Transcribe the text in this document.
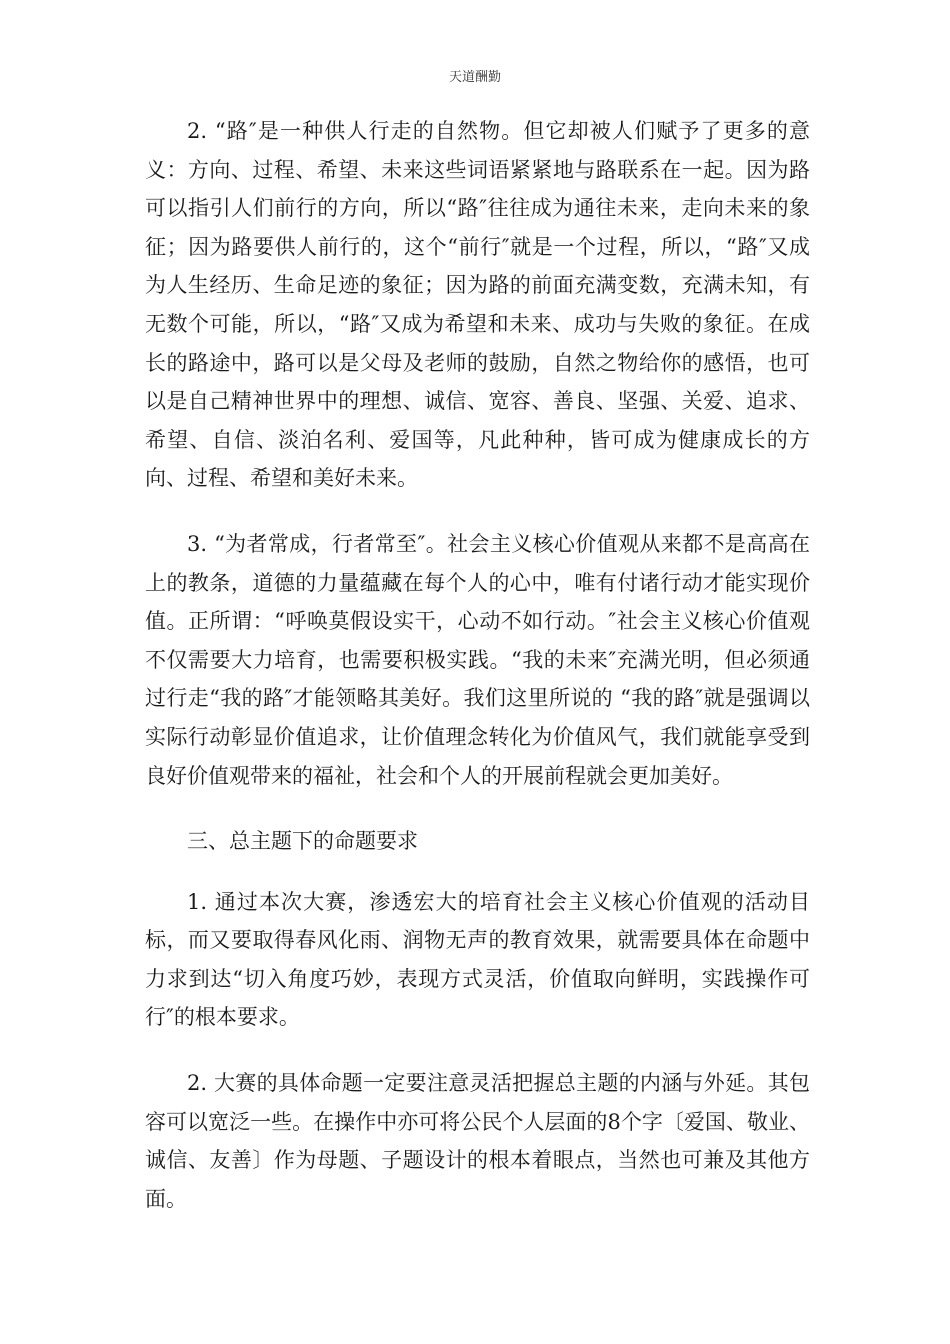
天道酬勤

2. “路″是一种供人行走的自然物。但它却被人们赋予了更多的意义：方向、过程、希望、未来这些词语紧紧地与路联系在一起。因为路可以指引人们前行的方向，所以“路″往往成为通往未来，走向未来的象征；因为路要供人前行的，这个“前行″就是一个过程，所以，“路″又成为人生经历、生命足迹的象征；因为路的前面充满变数，充满未知，有无数个可能，所以，“路″又成为希望和未来、成功与失败的象征。在成长的路途中，路可以是父母及老师的鼓励，自然之物给你的感悟，也可以是自己精神世界中的理想、诚信、宽容、善良、坚强、关爱、追求、希望、自信、淡泊名利、爱国等，凡此种种，皆可成为健康成长的方向、过程、希望和美好未来。

3. “为者常成，行者常至″。社会主义核心价值观从来都不是高高在上的教条，道德的力量蕴藏在每个人的心中，唯有付诸行动才能实现价值。正所谓：“呼唤莫假设实干，心动不如行动。″社会主义核心价值观不仅需要大力培育，也需要积极实践。“我的未来″充满光明，但必须通过行走“我的路″才能领略其美好。我们这里所说的 “我的路″就是强调以实际行动彰显价值追求，让价值理念转化为价值风气，我们就能享受到良好价值观带来的福祉，社会和个人的开展前程就会更加美好。

三、总主题下的命题要求

1. 通过本次大赛，渗透宏大的培育社会主义核心价值观的活动目标，而又要取得春风化雨、润物无声的教育效果，就需要具体在命题中力求到达“切入角度巧妙，表现方式灵活，价值取向鲜明，实践操作可行″的根本要求。

2. 大赛的具体命题一定要注意灵活把握总主题的内涵与外延。其包容可以宽泛一些。在操作中亦可将公民个人层面的8个字〔爱国、敬业、诚信、友善〕作为母题、子题设计的根本着眼点，当然也可兼及其他方面。
